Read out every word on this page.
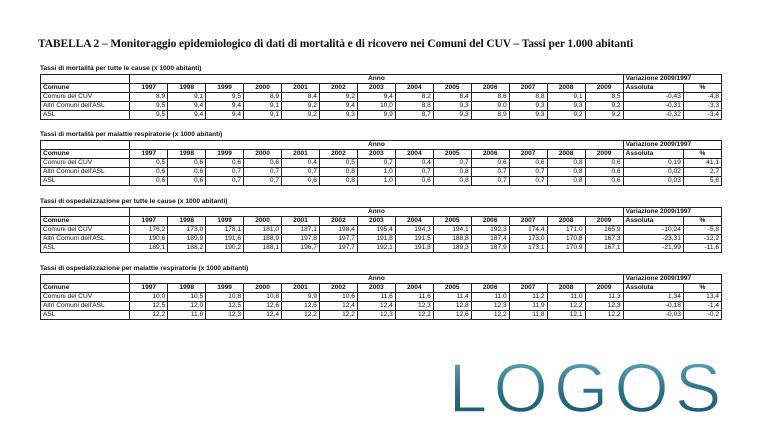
TABELLA 2 – Monitoraggio epidemiologico di dati di mortalità e di ricovero nei Comuni del CUV – Tassi per 1.000 abitanti
Tassi di mortalità per tutte le cause (x 1000 abitanti)
	Anno													Variazione 2009/1997	
Comune	1997	1998	1999	2000	2001	2002	2003	2004	2005	2006	2007	2008	2009	Assoluta	%
Comuni del CUV	8,9	9,1	9,5	8,9	8,4	9,2	9,4	8,2	8,4	8,6	8,8	9,1	8,5	-0,43	-4,8
Altri Comuni dell'ASL	9,5	9,4	9,4	9,1	9,2	9,4	10,0	8,8	9,3	9,0	9,3	9,3	9,2	-0,31	-3,3
ASL	9,5	9,4	9,4	9,1	9,2	9,3	9,9	8,7	9,3	8,9	9,3	9,2	9,2	-0,32	-3,4
Tassi di mortalità per malattie respiratorie (x 1000 abitanti)
	Anno													Variazione 2009/1997	
Comune	1997	1998	1999	2000	2001	2002	2003	2004	2005	2006	2007	2008	2009	Assoluta	%
Comuni del CUV	0,5	0,6	0,6	0,6	0,4	0,5	0,7	0,4	0,7	0,6	0,6	0,8	0,6	0,19	41,1
Altri Comuni dell'ASL	0,6	0,6	0,7	0,7	0,7	0,8	1,0	0,7	0,8	0,7	0,7	0,8	0,6	0,02	2,7
ASL	0,6	0,6	0,7	0,7	0,6	0,8	1,0	0,6	0,8	0,7	0,7	0,8	0,6	0,03	5,6
Tassi di ospedalizzazione per tutte le cause (x 1000 abitanti)
	Anno													Variazione 2009/1997	
Comune	1997	1998	1999	2000	2001	2002	2003	2004	2005	2006	2007	2008	2009	Assoluta	%
Comuni del CUV	176,2	173,0	178,1	181,0	187,1	198,4	195,4	194,3	194,1	192,3	174,4	171,0	165,9	-10,24	-5,8
Altri Comuni dell'ASL	190,6	189,9	191,6	188,9	197,8	197,7	191,8	191,5	188,8	187,4	173,0	170,8	167,3	-23,31	-12,2
ASL	189,1	188,2	190,2	188,1	196,7	197,7	192,1	191,8	189,3	187,9	173,1	170,9	167,1	-21,99	-11,6
Tassi di ospedalizzazione per malattie respiratorie (x 1000 abitanti)
	Anno													Variazione 2009/1997	
Comune	1997	1998	1999	2000	2001	2002	2003	2004	2005	2006	2007	2008	2009	Assoluta	%
Comuni del CUV	10,0	10,5	10,8	10,8	9,9	10,6	11,6	11,6	11,4	11,0	11,2	11,0	11,3	1,34	13,4
Altri Comuni dell'ASL	12,5	12,0	12,5	12,6	12,5	12,4	12,4	12,3	12,8	12,3	11,9	12,2	12,3	-0,18	-1,4
ASL	12,2	11,8	12,3	12,4	12,2	12,2	12,3	12,2	12,6	12,2	11,8	12,1	12,2	-0,03	-0,2
LOGOS
